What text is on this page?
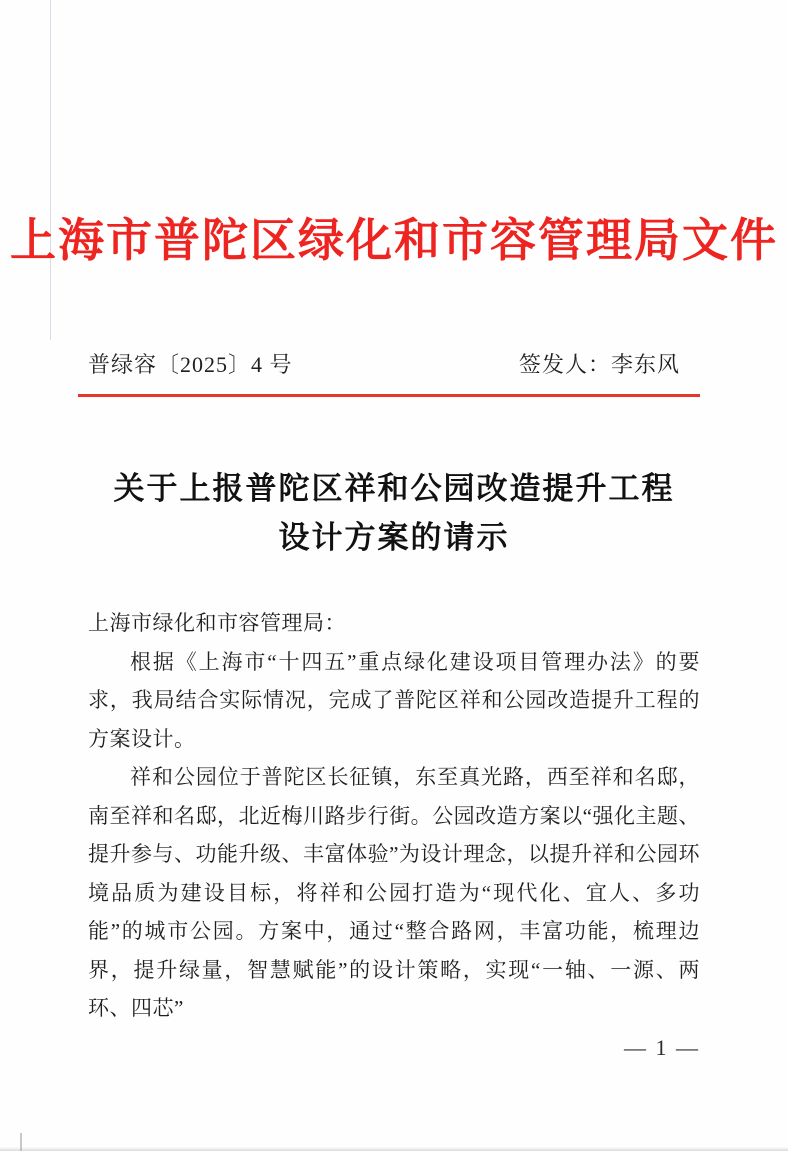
上海市普陀区绿化和市容管理局文件
普绿容〔2025〕4 号	签发人：李东风
关于上报普陀区祥和公园改造提升工程
设计方案的请示

上海市绿化和市容管理局：

根据《上海市“十四五”重点绿化建设项目管理办法》的要求，我局结合实际情况，完成了普陀区祥和公园改造提升工程的方案设计。

祥和公园位于普陀区长征镇，东至真光路，西至祥和名邸，南至祥和名邸，北近梅川路步行街。公园改造方案以“强化主题、提升参与、功能升级、丰富体验”为设计理念，以提升祥和公园环境品质为建设目标，将祥和公园打造为“现代化、宜人、多功能”的城市公园。方案中，通过“整合路网，丰富功能，梳理边界，提升绿量，智慧赋能”的设计策略，实现“一轴、一源、两环、四芯”

— 1 —
